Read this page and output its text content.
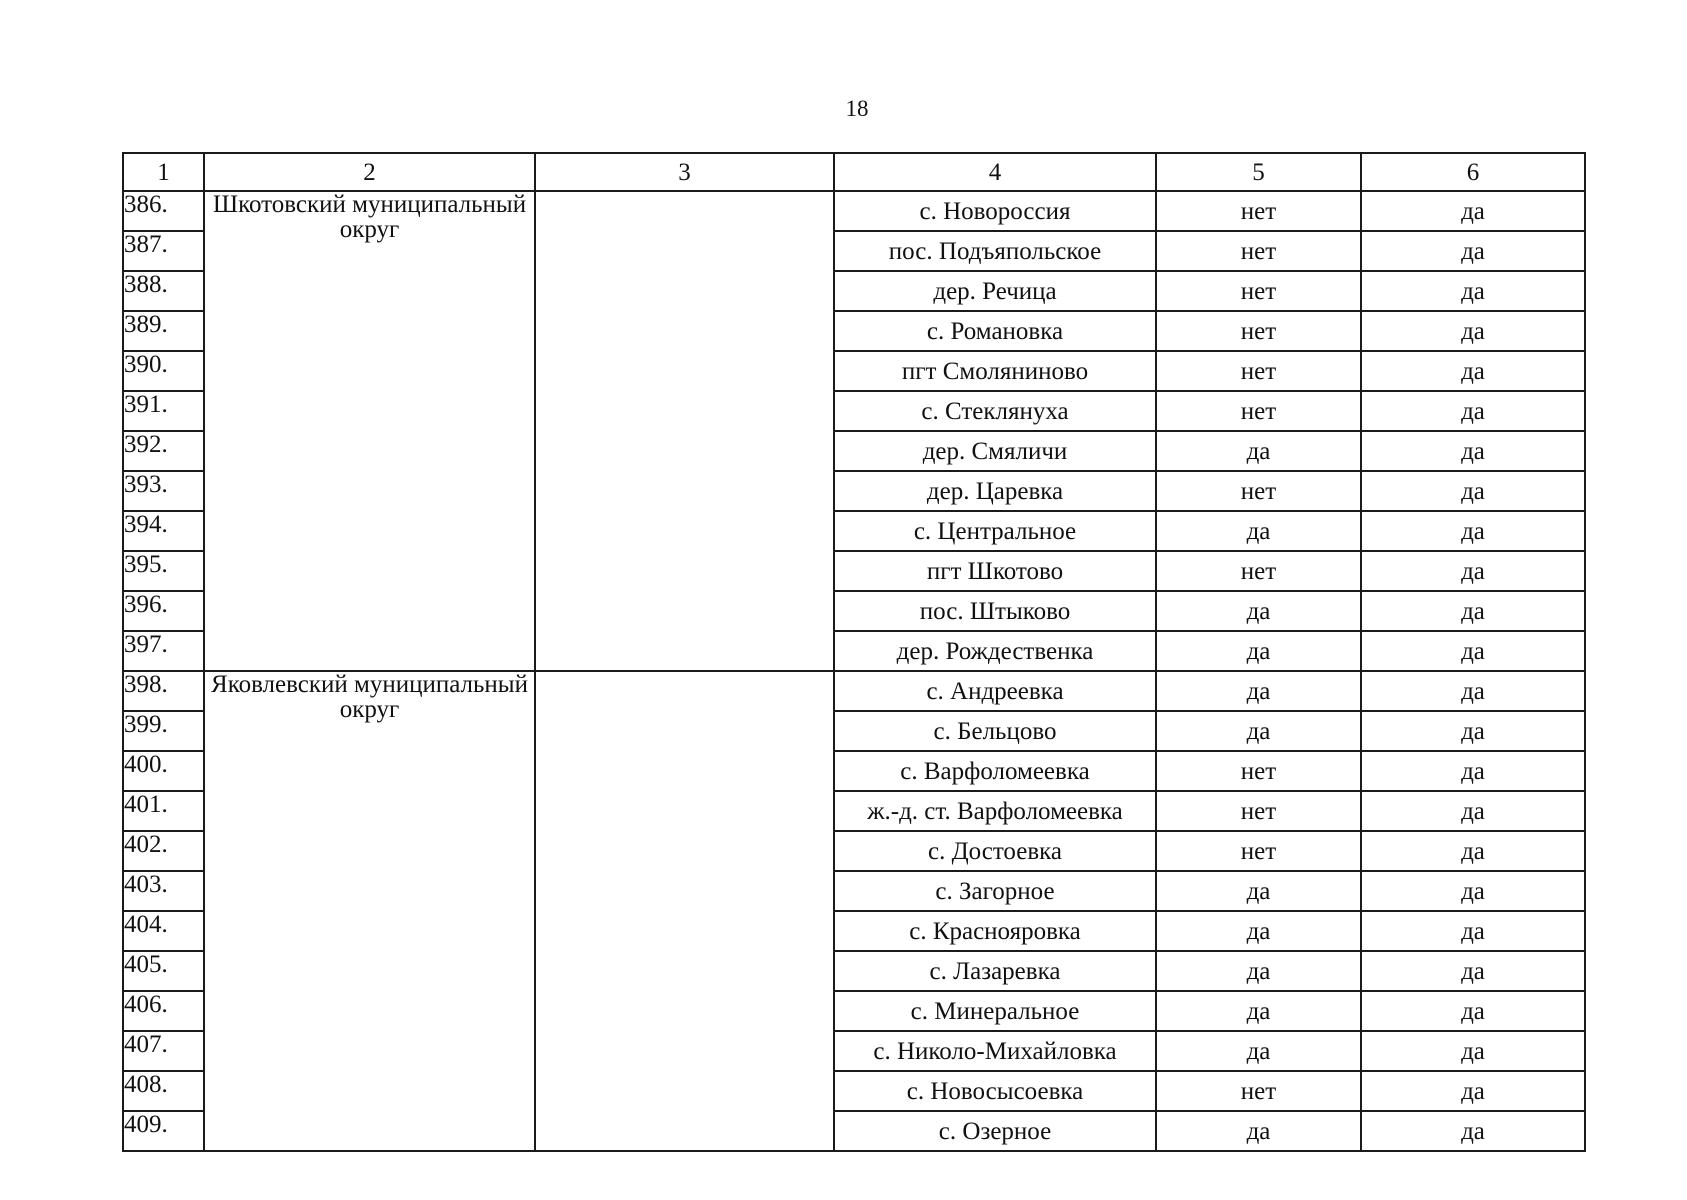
18
1	2	3	4	5	6
386.	Шкотовский муниципальный округ		с. Новороссия	нет	да
387.			пос. Подъяпольское	нет	да
388.			дер. Речица	нет	да
389.			с. Романовка	нет	да
390.			пгт Смоляниново	нет	да
391.			с. Стеклянуха	нет	да
392.			дер. Смяличи	да	да
393.			дер. Царевка	нет	да
394.			с. Центральное	да	да
395.			пгт Шкотово	нет	да
396.			пос. Штыково	да	да
397.			дер. Рождественка	да	да
398.	Яковлевский муниципальный округ		с. Андреевка	да	да
399.			с. Бельцово	да	да
400.			с. Варфоломеевка	нет	да
401.			ж.-д. ст. Варфоломеевка	нет	да
402.			с. Достоевка	нет	да
403.			с. Загорное	да	да
404.			с. Краснояровка	да	да
405.			с. Лазаревка	да	да
406.			с. Минеральное	да	да
407.			с. Николо-Михайловка	да	да
408.			с. Новосысоевка	нет	да
409.			с. Озерное	да	да
